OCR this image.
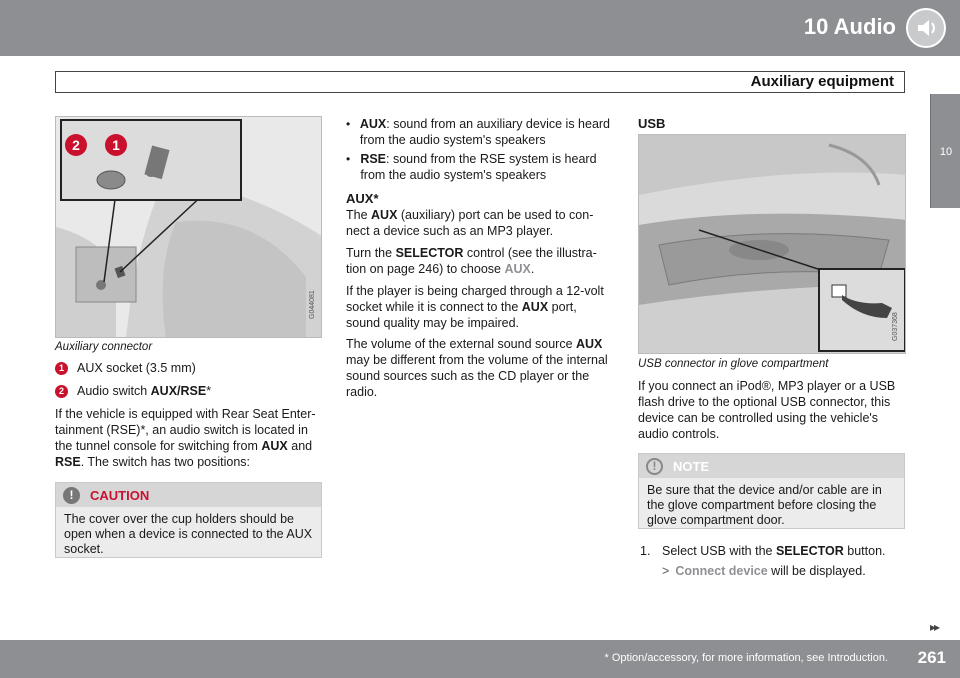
10 Audio
Auxiliary equipment
10
2 1
G044081
Auxiliary connector
1	AUX socket (3.5 mm)
2	Audio switch AUX/RSE*
If the vehicle is equipped with Rear Seat Enter-tainment (RSE)*, an audio switch is located in the tunnel console for switching from AUX and RSE. The switch has two positions:
!	CAUTION
The cover over the cup holders should be open when a device is connected to the AUX socket.
• AUX: sound from an auxiliary device is heard from the audio system's speakers
• RSE: sound from the RSE system is heard from the audio system's speakers
AUX*
The AUX (auxiliary) port can be used to con-nect a device such as an MP3 player.
Turn the SELECTOR control (see the illustra-tion on page 246) to choose AUX.
If the player is being charged through a 12-volt socket while it is connect to the AUX port, sound quality may be impaired.
The volume of the external sound source AUX may be different from the volume of the internal sound sources such as the CD player or the radio.
USB
G037368
USB connector in glove compartment
If you connect an iPod®, MP3 player or a USB flash drive to the optional USB connector, this device can be controlled using the vehicle's audio controls.
!	NOTE
Be sure that the device and/or cable are in the glove compartment before closing the glove compartment door.
1. Select USB with the SELECTOR button.
> Connect device will be displayed.
▸▸
* Option/accessory, for more information, see Introduction. 261
